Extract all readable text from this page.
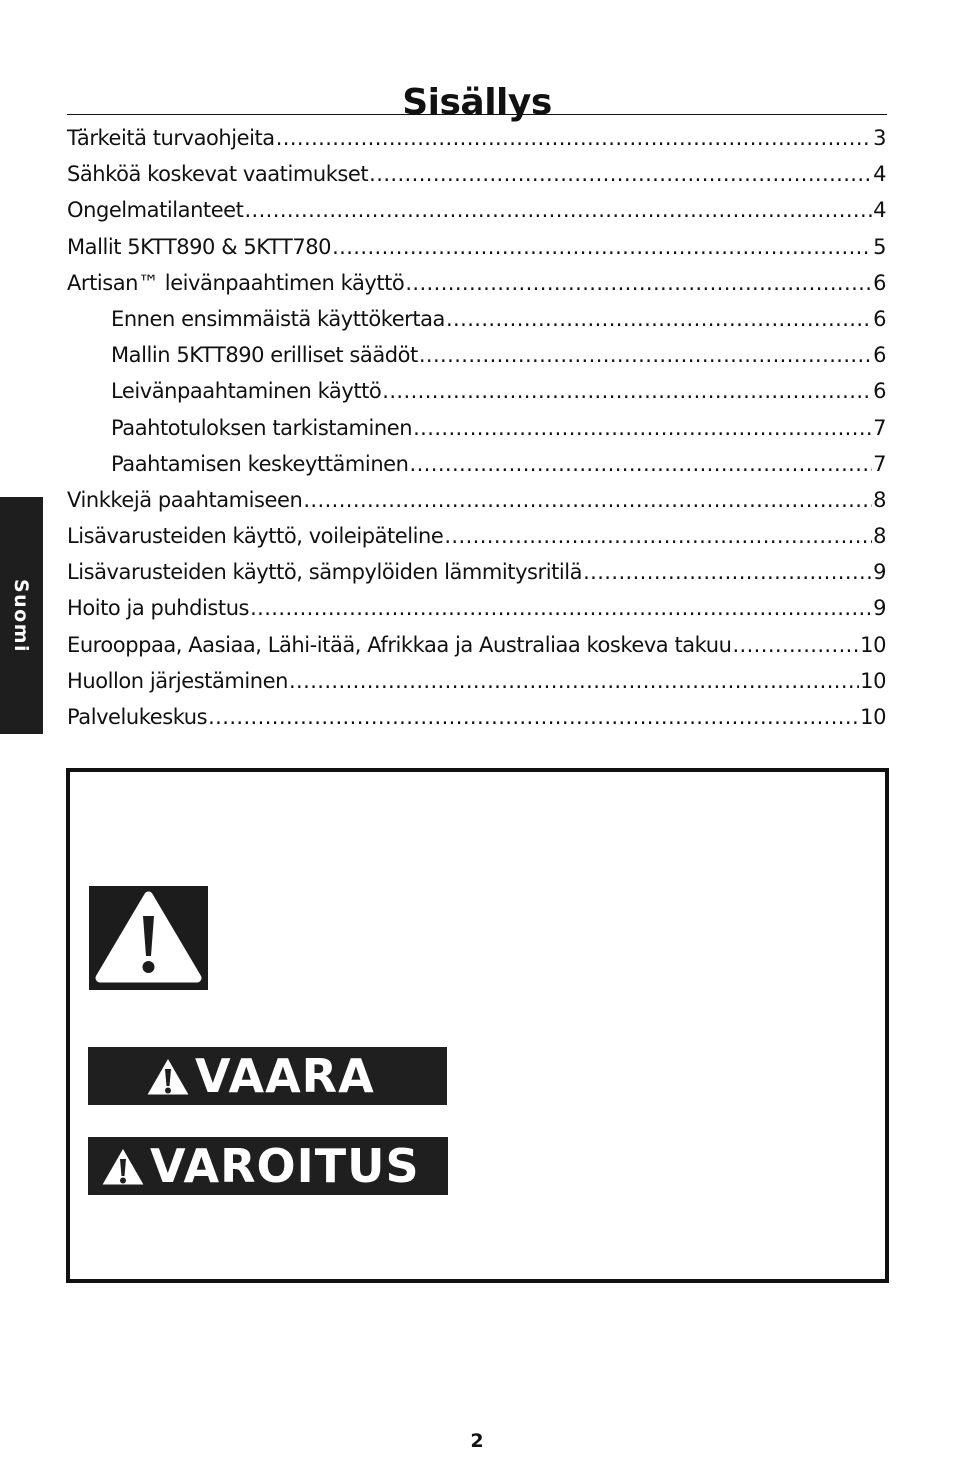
Sisällys
Tärkeitä turvaohjeita .....	3
Sähköä koskevat vaatimukset .....	4
Ongelmatilanteet .....	4
Mallit 5KTT890 & 5KTT780 .....	5
Artisan™ leivänpaahtimen käyttö .....	6
Ennen ensimmäistä käyttökertaa .....	6
Mallin 5KTT890 erilliset säädöt .....	6
Leivänpaahtaminen käyttö .....	6
Paahtotuloksen tarkistaminen .....	7
Paahtamisen keskeyttäminen .....	7
Vinkkejä paahtamiseen .....	8
Lisävarusteiden käyttö, voileipäteline .....	8
Lisävarusteiden käyttö, sämpylöiden lämmitysritilä .....	9
Hoito ja puhdistus .....	9
Eurooppaa, Aasiaa, Lähi-itää, Afrikkaa ja Australiaa koskeva takuu .....	10
Huollon järjestäminen .....	10
Palvelukeskus .....	10
Suomi
VAARA
VAROITUS
2
